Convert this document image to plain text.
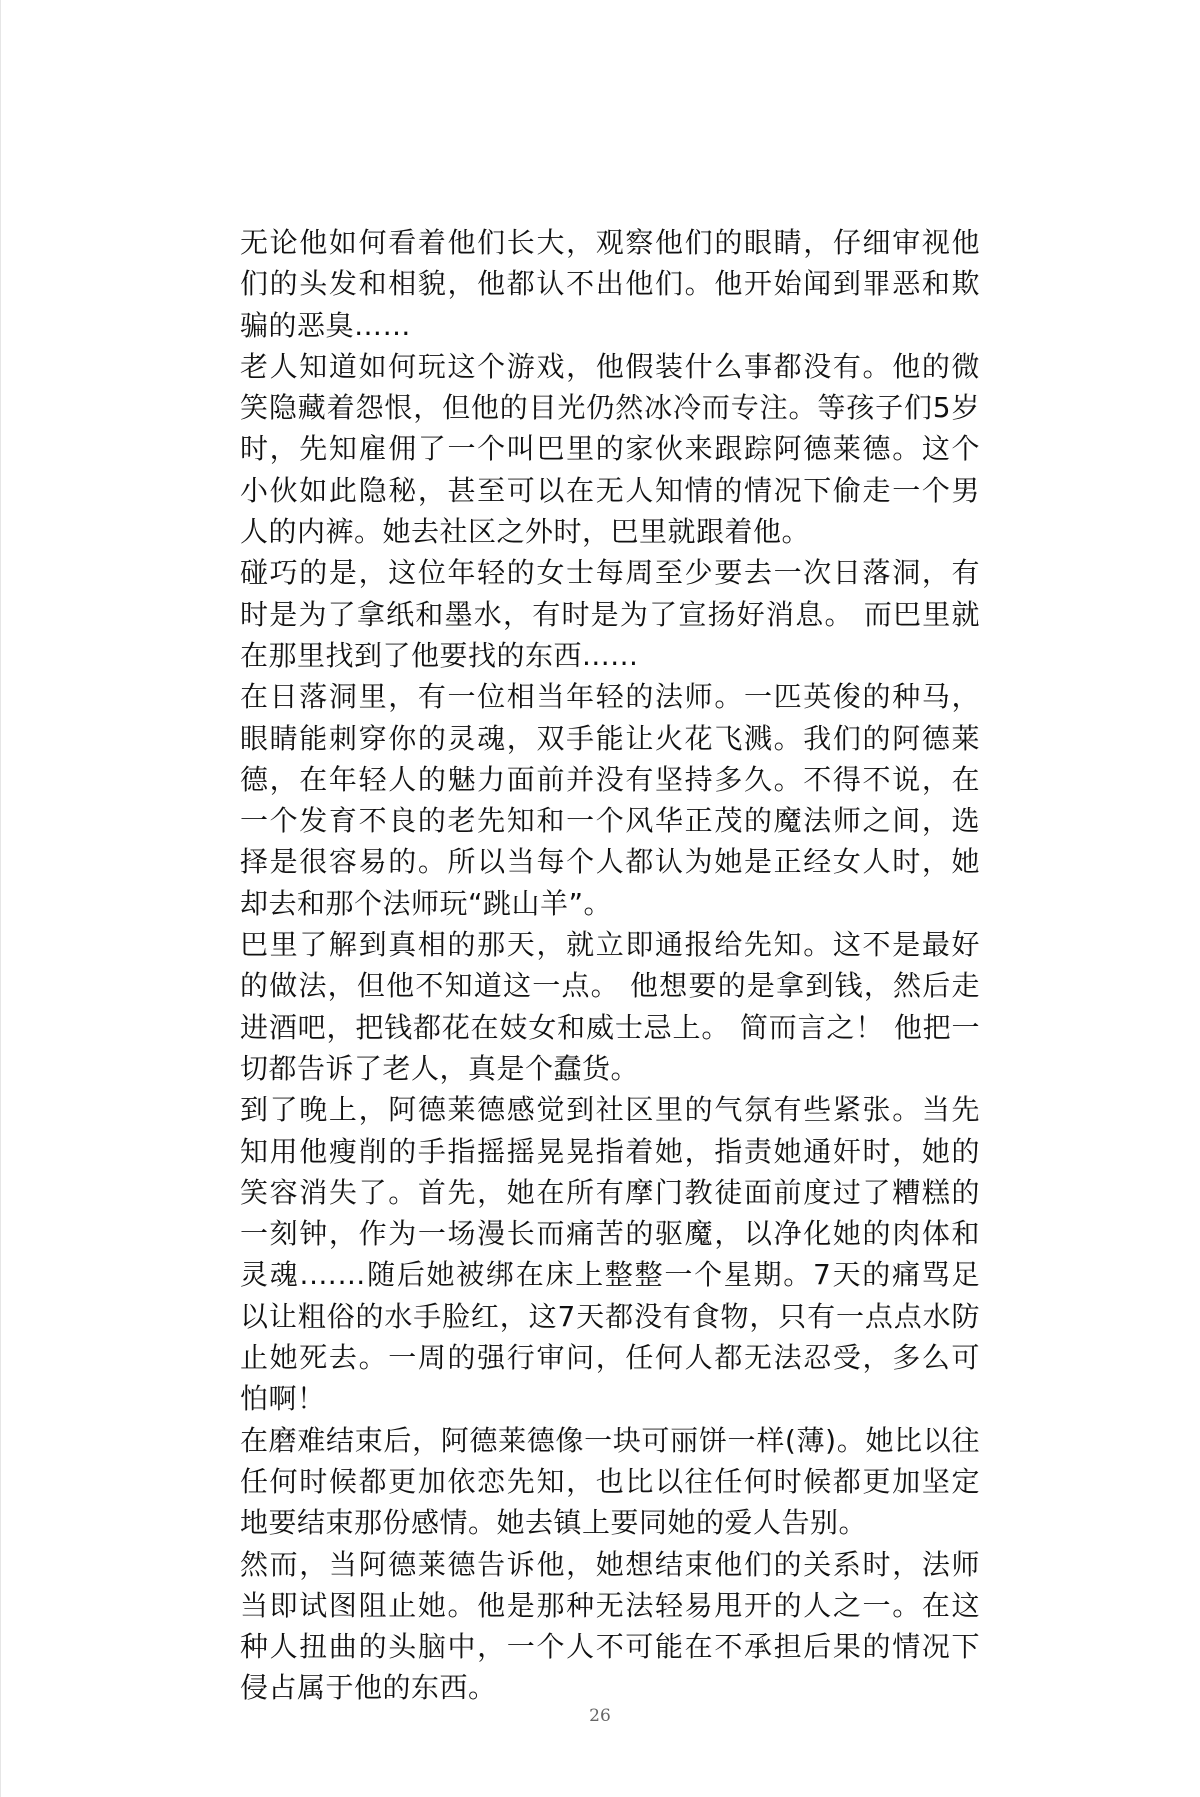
无论他如何看着他们长大，观察他们的眼睛，仔细审视他们的头发和相貌，他都认不出他们。他开始闻到罪恶和欺骗的恶臭……

老人知道如何玩这个游戏，他假装什么事都没有。他的微笑隐藏着怨恨，但他的目光仍然冰冷而专注。等孩子们5岁时，先知雇佣了一个叫巴里的家伙来跟踪阿德莱德。这个小伙如此隐秘，甚至可以在无人知情的情况下偷走一个男人的内裤。她去社区之外时，巴里就跟着他。

碰巧的是，这位年轻的女士每周至少要去一次日落洞，有时是为了拿纸和墨水，有时是为了宣扬好消息。 而巴里就在那里找到了他要找的东西......

在日落洞里，有一位相当年轻的法师。一匹英俊的种马，眼睛能刺穿你的灵魂，双手能让火花飞溅。我们的阿德莱德，在年轻人的魅力面前并没有坚持多久。不得不说，在一个发育不良的老先知和一个风华正茂的魔法师之间，选择是很容易的。所以当每个人都认为她是正经女人时，她却去和那个法师玩“跳山羊”。

巴里了解到真相的那天，就立即通报给先知。这不是最好的做法，但他不知道这一点。 他想要的是拿到钱，然后走进酒吧，把钱都花在妓女和威士忌上。 简而言之！ 他把一切都告诉了老人，真是个蠢货。

到了晚上，阿德莱德感觉到社区里的气氛有些紧张。当先知用他瘦削的手指摇摇晃晃指着她，指责她通奸时，她的笑容消失了。首先，她在所有摩门教徒面前度过了糟糕的一刻钟，作为一场漫长而痛苦的驱魔，以净化她的肉体和灵魂.……随后她被绑在床上整整一个星期。7天的痛骂足以让粗俗的水手脸红，这7天都没有食物，只有一点点水防止她死去。一周的强行审问，任何人都无法忍受，多么可怕啊！

在磨难结束后，阿德莱德像一块可丽饼一样(薄)。她比以往任何时候都更加依恋先知，也比以往任何时候都更加坚定地要结束那份感情。她去镇上要同她的爱人告别。

然而，当阿德莱德告诉他，她想结束他们的关系时，法师当即试图阻止她。他是那种无法轻易甩开的人之一。在这种人扭曲的头脑中，一个人不可能在不承担后果的情况下侵占属于他的东西。

26
